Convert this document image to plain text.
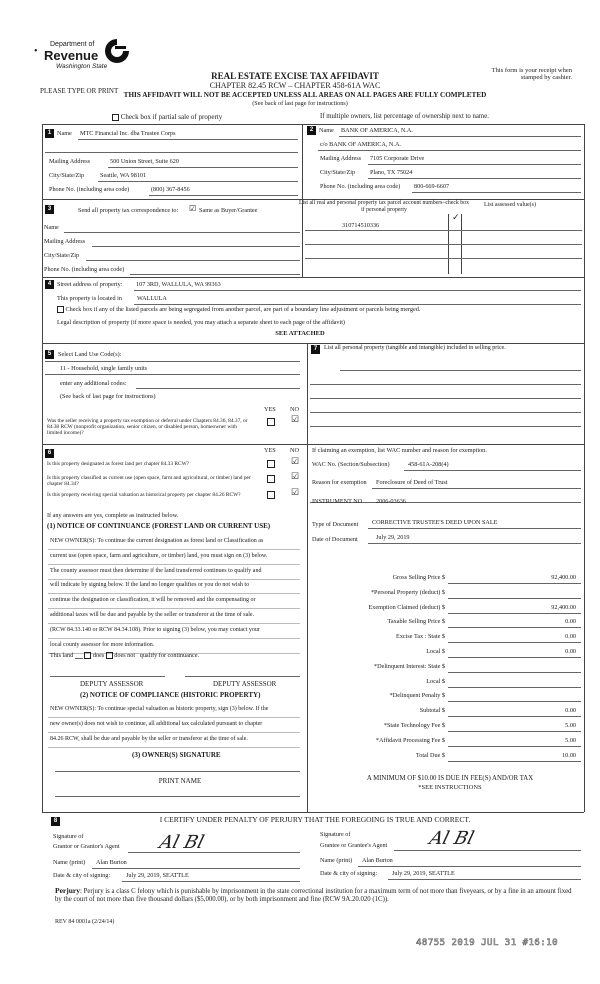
•
Department of
Revenue
Washington State
PLEASE TYPE OR PRINT
REAL ESTATE EXCISE TAX AFFIDAVIT
CHAPTER 82.45 RCW – CHAPTER 458-61A WAC
THIS AFFIDAVIT WILL NOT BE ACCEPTED UNLESS ALL AREAS ON ALL PAGES ARE FULLY COMPLETED
(See back of last page for instructions)
This form is your receipt when stamped by cashier.
Check box if partial sale of property	If multiple owners, list percentage of ownership next to name.
1 Name MTC Financial Inc. dba Trustee Corps
Mailing Address	500 Union Street, Suite 620
City/State/Zip	Seattle, WA 98101
Phone No. (including area code)	(800) 367-8456
2 Name BANK OF AMERICA, N.A.
c/o BANK OF AMERICA, N.A.
Mailing Address 7105 Corporate Drive
City/State/Zip Plano, TX 75024
Phone No. (including area code) 800-669-6607
3	Send all property tax correspondence to: ☑ Same as Buyer/Grantee
List all real and personal property tax parcel account numbers–check box if personal property
List assessed value(s)
310714510336
✓
Name
Mailing Address
City/State/Zip
Phone No. (including area code)
4 Street address of property: 107 3RD, WALLULA, WA 99363
This property is located in WALLULA
Check box if any of the listed parcels are being segregated from another parcel, are part of a boundary line adjustment or parcels being merged.
Legal description of property (if more space is needed, you may attach a separate sheet to each page of the affidavit)
SEE ATTACHED
5	Select Land Use Code(s):
11 - Household, single family units
enter any additional codes:
(See back of last page for instructions)
YES NO
Was the seller receiving a property tax exemption or deferral under Chapters 84.36, 84.37, or 84.38 RCW (nonprofit organization, senior citizen, or disabled person, homeowner with limited income)?
☑
7	List all personal property (tangible and intangible) included in selling price.
6	YES NO
Is this property designated as forest land per chapter 84.33 RCW?	☑
Is this property classified as current use (open space, farm and agricultural, or timber) land per chapter 84.34?
☑
Is this property receiving special valuation as historical property per chapter 84.26 RCW?	☑
If any answers are yes, complete as instructed below.
(1) NOTICE OF CONTINUANCE (FOREST LAND OR CURRENT USE)
NEW OWNER(S): To continue the current designation as forest land or Classification as
current use (open space, farm and agriculture, or timber) land, you must sign on (3) below.
The county assessor must then determine if the land transferred continues to qualify and
will indicate by signing below. If the land no longer qualifies or you do not wish to
continue the designation or classification, it will be removed and the compensating or
additional taxes will be due and payable by the seller or transferor at the time of sale.
(RCW 84.33.140 or RCW 84.34.108). Prior to signing (3) below, you may contact your
local county assessor for more information.
This land	does does not qualify for continuance.
DEPUTY ASSESSOR	DEPUTY ASSESSOR
(2) NOTICE OF COMPLIANCE (HISTORIC PROPERTY)
NEW OWNER(S): To continue special valuation as historic property, sign (3) below. If the
new owner(s) does not wish to continue, all additional tax calculated pursuant to chapter
84.26 RCW, shall be due and payable by the seller or transferor at the time of sale.
(3) OWNER(S) SIGNATURE
PRINT NAME
If claiming an exemption, list WAC number and reason for exemption.
WAC No. (Section/Subsection)	458-61A-208(4)
Reason for exemption Foreclosure of Deed of Trust
INSTRUMENT NO 2006-03636
Type of Document CORRECTIVE TRUSTEE'S DEED UPON SALE
Date of Document	July 29, 2019
Gross Selling Price $	92,400.00
*Personal Property (deduct) $
Exemption Claimed (deduct) $	92,400.00
Taxable Selling Price $	0.00
Excise Tax : State $	0.00
Local $	0.00
*Delinquent Interest: State $
Local $
*Delinquent Penalty $
Subtotal $	0.00
*State Technology Fee $	5.00
*Affidavit Processing Fee $	5.00
Total Due $	10.00
A MINIMUM OF $10.00 IS DUE IN FEE(S) AND/OR TAX
*SEE INSTRUCTIONS
8	I CERTIFY UNDER PENALTY OF PERJURY THAT THE FOREGOING IS TRUE AND CORRECT.
Signature of
Grantor or Grantor's Agent Al Bl
Name (print) Alan Burton
Date & city of signing:	July 29, 2019, SEATTLE
Signature of
Grantee or Grantee's Agent Al Bl
Name (print) Alan Burton
Date & city of signing: July 29, 2019, SEATTLE
Perjury: Perjury is a class C felony which is punishable by imprisonment in the state correctional institution for a maximum term of not more than fiveyears, or by a fine in an amount fixed by the court of not more than five thousand dollars ($5,000.00), or by both imprisonment and fine (RCW 9A.20.020 (1C)).
REV 84 0001a (2/24/14)
48755 2019 JUL 31 #16:10
